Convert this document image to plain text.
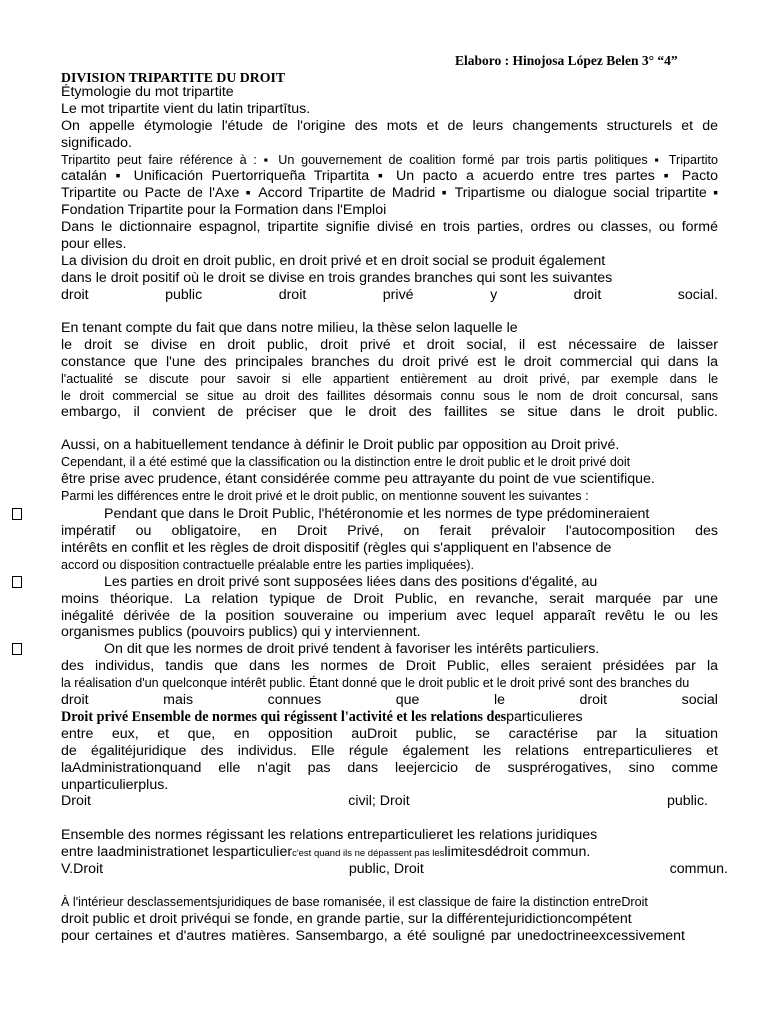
Elaboro : Hinojosa López Belen 3° “4”
DIVISION TRIPARTITE DU DROIT
Étymologie du mot tripartite
Le mot tripartite vient du latin tripartītus.
On appelle étymologie l'étude de l'origine des mots et de leurs changements structurels et de
significado.
Tripartito peut faire référence à : ▪ Un gouvernement de coalition formé par trois partis politiques ▪ Tripartito
catalán ▪ Unificación Puertorriqueña Tripartita ▪ Un pacto a acuerdo entre tres partes ▪ Pacto
Tripartite ou Pacte de l'Axe ▪ Accord Tripartite de Madrid ▪ Tripartisme ou dialogue social tripartite ▪
Fondation Tripartite pour la Formation dans l'Emploi
Dans le dictionnaire espagnol, tripartite signifie divisé en trois parties, ordres ou classes, ou formé
pour elles.
La division du droit en droit public, en droit privé et en droit social se produit également
dans le droit positif où le droit se divise en trois grandes branches qui sont les suivantes
droit	public	droit	privé	y	droit	social.
En tenant compte du fait que dans notre milieu, la thèse selon laquelle le
le droit se divise en droit public, droit privé et droit social, il est nécessaire de laisser
constance que l'une des principales branches du droit privé est le droit commercial qui dans la
l'actualité se discute pour savoir si elle appartient entièrement au droit privé, par exemple dans le
le droit commercial se situe au droit des faillites désormais connu sous le nom de droit concursal, sans
embargo, il convient de préciser que le droit des faillites se situe dans le droit public.
Aussi, on a habituellement tendance à définir le Droit public par opposition au Droit privé.
Cependant, il a été estimé que la classification ou la distinction entre le droit public et le droit privé doit
être prise avec prudence, étant considérée comme peu attrayante du point de vue scientifique.
Parmi les différences entre le droit privé et le droit public, on mentionne souvent les suivantes :
Pendant que dans le Droit Public, l'hétéronomie et les normes de type prédomineraient
impératif ou obligatoire, en Droit Privé, on ferait prévaloir l'autocomposition des
intérêts en conflit et les règles de droit dispositif (règles qui s'appliquent en l'absence de
accord ou disposition contractuelle préalable entre les parties impliquées).
Les parties en droit privé sont supposées liées dans des positions d'égalité, au
moins théorique. La relation typique de Droit Public, en revanche, serait marquée par une
inégalité dérivée de la position souveraine ou imperium avec lequel apparaît revêtu le ou les
organismes publics (pouvoirs publics) qui y interviennent.
On dit que les normes de droit privé tendent à favoriser les intérêts particuliers.
des individus, tandis que dans les normes de Droit Public, elles seraient présidées par la
la réalisation d'un quelconque intérêt public. Étant donné que le droit public et le droit privé sont des branches du
droit	mais	connues	que	le	droit	social
Droit privé Ensemble de normes qui régissent l'activité et les relations desparticulieres
entre eux, et que, en opposition auDroit public, se caractérise par la situation
de égalitéjuridique des individus. Elle régule également les relations entreparticulieres et
laAdministrationquand elle n'agit pas dans leejercicio de susprérogatives, sino comme
unparticulierplus.
Droit	civil; Droit	public.
Ensemble des normes régissant les relations entreparticulieret les relations juridiques
entre laadministrationet lesparticulierc'est quand ils ne dépassent pas leslimitesdédroit commun.
V.Droit	public, Droit	commun.
À l'intérieur desclassementsjuridiques de base romanisée, il est classique de faire la distinction entreDroit
droit public et droit privéqui se fonde, en grande partie, sur la différentejuridictioncompétent
pour certaines et d'autres matières. Sansembargo, a été souligné par unedoctrineexcessivement
